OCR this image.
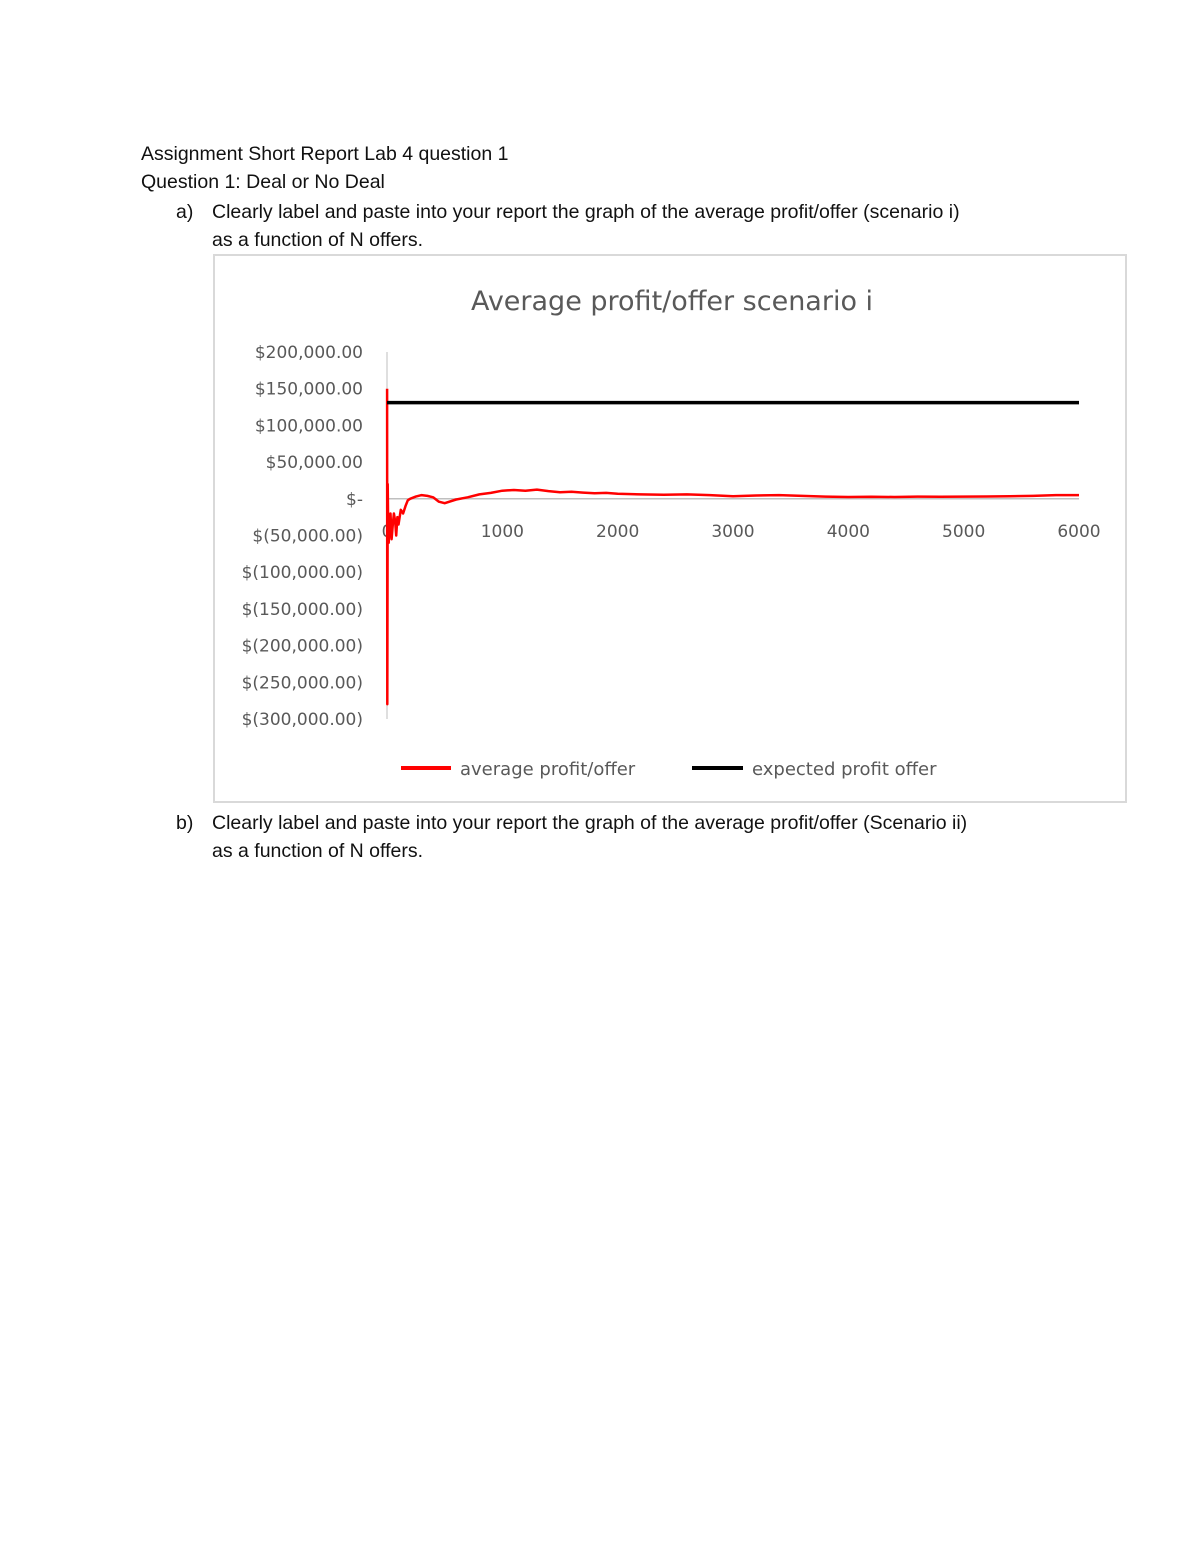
Assignment Short Report Lab 4 question 1
Question 1: Deal or No Deal
a) Clearly label and paste into your report the graph of the average profit/offer (scenario i)
as a function of N offers.
Average profit/offer scenario i
$200,000.00
$150,000.00
$100,000.00
$50,000.00
$-
$(50,000.00)
$(100,000.00)
$(150,000.00)
$(200,000.00)
$(250,000.00)
$(300,000.00)
0	1000	2000	3000	4000	5000	6000
average profit/offer	expected profit offer
b) Clearly label and paste into your report the graph of the average profit/offer (Scenario ii)
as a function of N offers.
